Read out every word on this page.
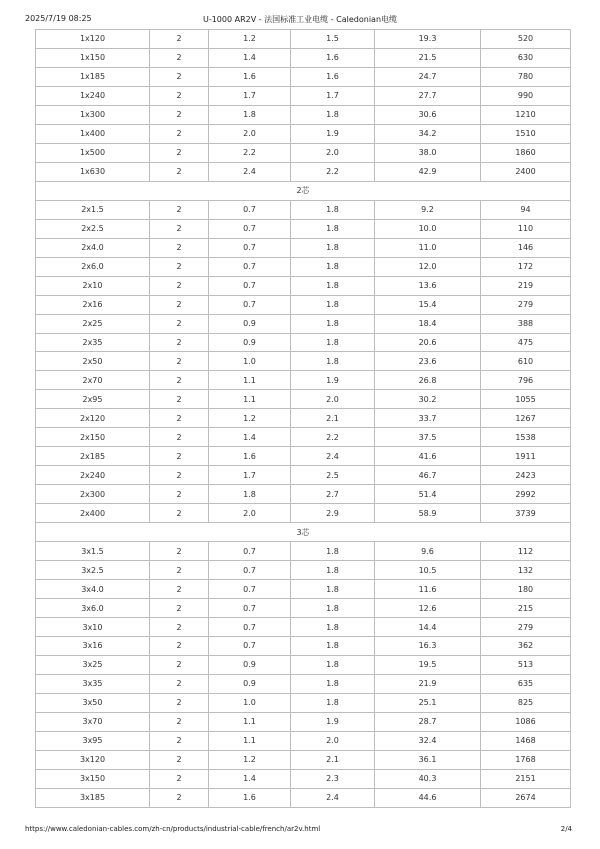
2025/7/19 08:25	U-1000 AR2V - 法国标准工业电缆 - Caledonian电缆
1x120	2	1.2	1.5	19.3	520
1x150	2	1.4	1.6	21.5	630
1x185	2	1.6	1.6	24.7	780
1x240	2	1.7	1.7	27.7	990
1x300	2	1.8	1.8	30.6	1210
1x400	2	2.0	1.9	34.2	1510
1x500	2	2.2	2.0	38.0	1860
1x630	2	2.4	2.2	42.9	2400
2芯					
2x1.5	2	0.7	1.8	9.2	94
2x2.5	2	0.7	1.8	10.0	110
2x4.0	2	0.7	1.8	11.0	146
2x6.0	2	0.7	1.8	12.0	172
2x10	2	0.7	1.8	13.6	219
2x16	2	0.7	1.8	15.4	279
2x25	2	0.9	1.8	18.4	388
2x35	2	0.9	1.8	20.6	475
2x50	2	1.0	1.8	23.6	610
2x70	2	1.1	1.9	26.8	796
2x95	2	1.1	2.0	30.2	1055
2x120	2	1.2	2.1	33.7	1267
2x150	2	1.4	2.2	37.5	1538
2x185	2	1.6	2.4	41.6	1911
2x240	2	1.7	2.5	46.7	2423
2x300	2	1.8	2.7	51.4	2992
2x400	2	2.0	2.9	58.9	3739
3芯					
3x1.5	2	0.7	1.8	9.6	112
3x2.5	2	0.7	1.8	10.5	132
3x4.0	2	0.7	1.8	11.6	180
3x6.0	2	0.7	1.8	12.6	215
3x10	2	0.7	1.8	14.4	279
3x16	2	0.7	1.8	16.3	362
3x25	2	0.9	1.8	19.5	513
3x35	2	0.9	1.8	21.9	635
3x50	2	1.0	1.8	25.1	825
3x70	2	1.1	1.9	28.7	1086
3x95	2	1.1	2.0	32.4	1468
3x120	2	1.2	2.1	36.1	1768
3x150	2	1.4	2.3	40.3	2151
3x185	2	1.6	2.4	44.6	2674
https://www.caledonian-cables.com/zh-cn/products/industrial-cable/french/ar2v.html	2/4
